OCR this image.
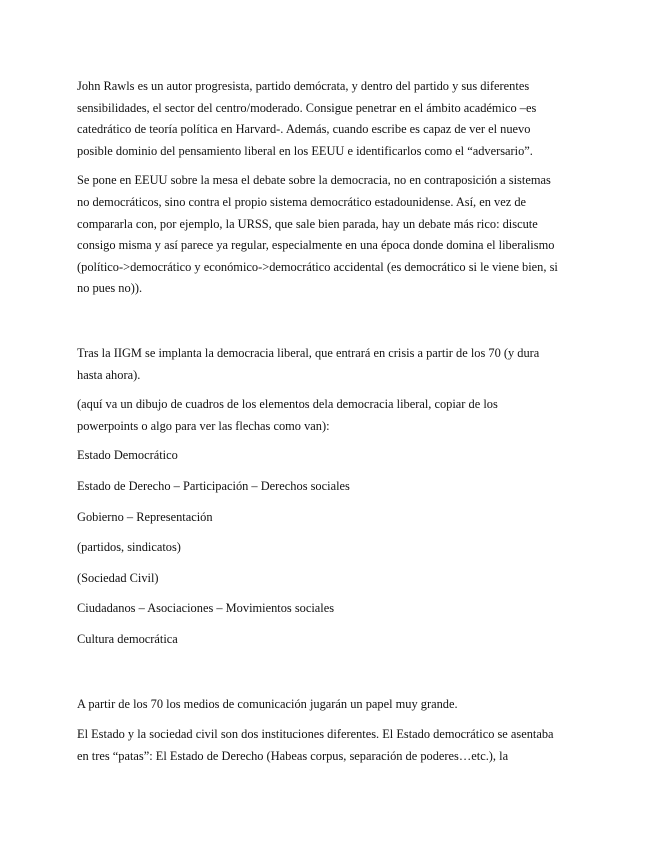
John Rawls es un autor progresista, partido demócrata, y dentro del partido y sus diferentes
sensibilidades, el sector del centro/moderado. Consigue penetrar en el ámbito académico –es
catedrático de teoría política en Harvard-. Además, cuando escribe es capaz de ver el nuevo
posible dominio del pensamiento liberal en los EEUU e identificarlos como el “adversario”.

Se pone en EEUU sobre la mesa el debate sobre la democracia, no en contraposición a sistemas
no democráticos, sino contra el propio sistema democrático estadounidense. Así, en vez de
compararla con, por ejemplo, la URSS, que sale bien parada, hay un debate más rico: discute
consigo misma y así parece ya regular, especialmente en una época donde domina el liberalismo
(político->democrático y económico->democrático accidental (es democrático si le viene bien, si
no pues no)).

Tras la IIGM se implanta la democracia liberal, que entrará en crisis a partir de los 70 (y dura
hasta ahora).

(aquí va un dibujo de cuadros de los elementos dela democracia liberal, copiar de los
powerpoints o algo para ver las flechas como van):

Estado Democrático

Estado de Derecho – Participación – Derechos sociales

Gobierno – Representación

(partidos, sindicatos)

(Sociedad Civil)

Ciudadanos – Asociaciones – Movimientos sociales

Cultura democrática

A partir de los 70 los medios de comunicación jugarán un papel muy grande.

El Estado y la sociedad civil son dos instituciones diferentes. El Estado democrático se asentaba
en tres “patas”: El Estado de Derecho (Habeas corpus, separación de poderes…etc.), la
